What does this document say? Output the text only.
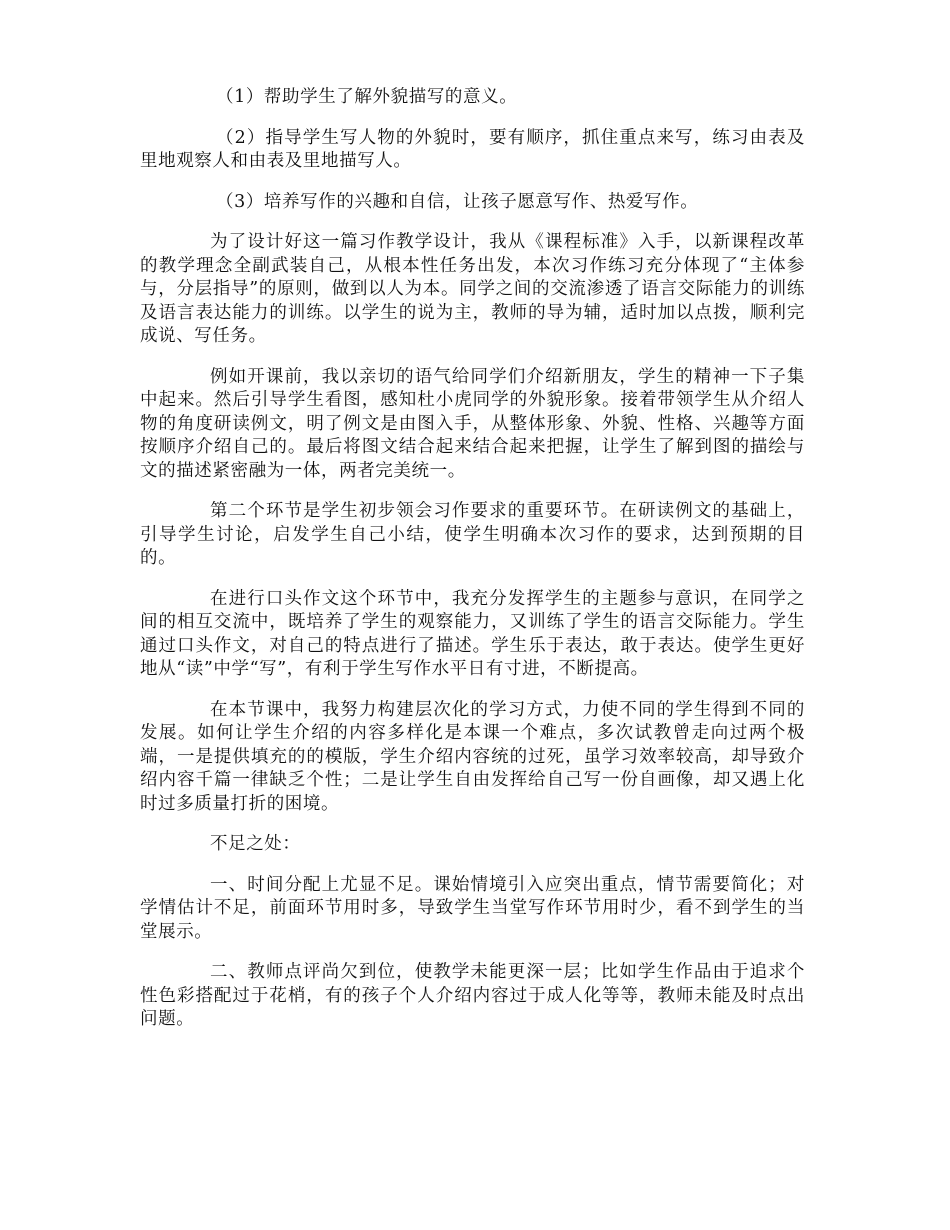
（1）帮助学生了解外貌描写的意义。

（2）指导学生写人物的外貌时，要有顺序，抓住重点来写，练习由表及里地观察人和由表及里地描写人。

（3）培养写作的兴趣和自信，让孩子愿意写作、热爱写作。

为了设计好这一篇习作教学设计，我从《课程标准》入手，以新课程改革的教学理念全副武装自己，从根本性任务出发，本次习作练习充分体现了“主体参与，分层指导”的原则，做到以人为本。同学之间的交流渗透了语言交际能力的训练及语言表达能力的训练。以学生的说为主，教师的导为辅，适时加以点拨，顺利完成说、写任务。

例如开课前，我以亲切的语气给同学们介绍新朋友，学生的精神一下子集中起来。然后引导学生看图，感知杜小虎同学的外貌形象。接着带领学生从介绍人物的角度研读例文，明了例文是由图入手，从整体形象、外貌、性格、兴趣等方面按顺序介绍自己的。最后将图文结合起来结合起来把握，让学生了解到图的描绘与文的描述紧密融为一体，两者完美统一。

第二个环节是学生初步领会习作要求的重要环节。在研读例文的基础上，引导学生讨论，启发学生自己小结，使学生明确本次习作的要求，达到预期的目的。

在进行口头作文这个环节中，我充分发挥学生的主题参与意识，在同学之间的相互交流中，既培养了学生的观察能力，又训练了学生的语言交际能力。学生通过口头作文，对自己的特点进行了描述。学生乐于表达，敢于表达。使学生更好地从“读”中学“写”，有利于学生写作水平日有寸进，不断提高。

在本节课中，我努力构建层次化的学习方式，力使不同的学生得到不同的发展。如何让学生介绍的内容多样化是本课一个难点，多次试教曾走向过两个极端，一是提供填充的的模版，学生介绍内容统的过死，虽学习效率较高，却导致介绍内容千篇一律缺乏个性；二是让学生自由发挥给自己写一份自画像，却又遇上化时过多质量打折的困境。

不足之处：

一、时间分配上尤显不足。课始情境引入应突出重点，情节需要简化；对学情估计不足，前面环节用时多，导致学生当堂写作环节用时少，看不到学生的当堂展示。

二、教师点评尚欠到位，使教学未能更深一层；比如学生作品由于追求个性色彩搭配过于花梢，有的孩子个人介绍内容过于成人化等等，教师未能及时点出问题。
